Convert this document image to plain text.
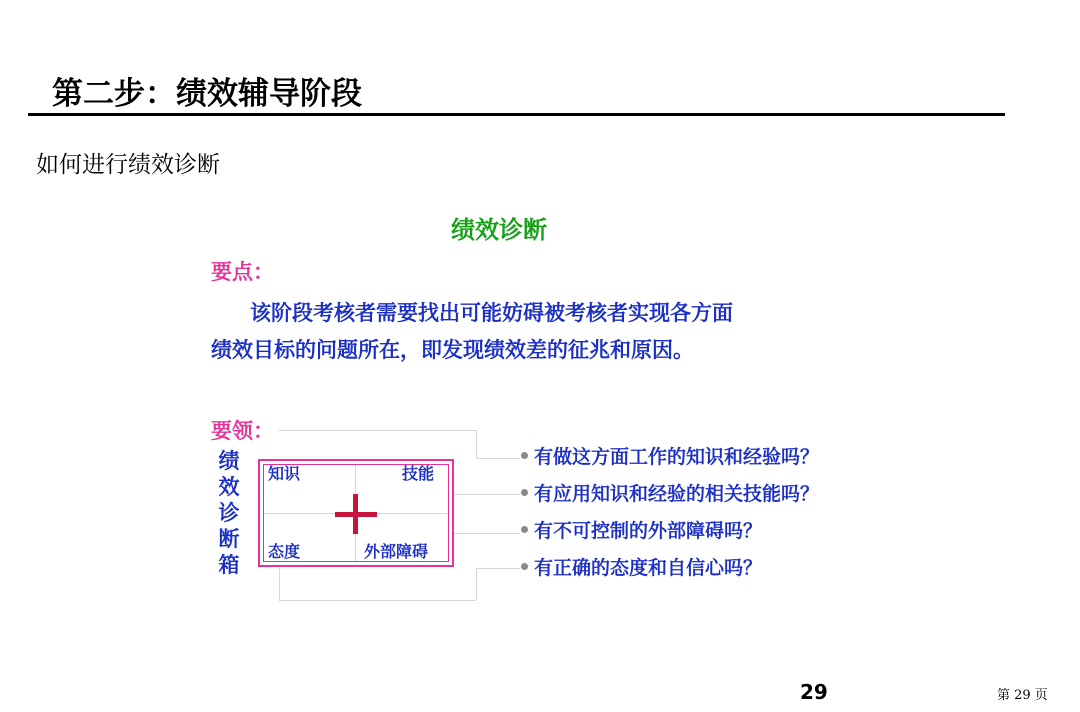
第二步：绩效辅导阶段
如何进行绩效诊断
绩效诊断
要点：
该阶段考核者需要找出可能妨碍被考核者实现各方面
绩效目标的问题所在，即发现绩效差的征兆和原因。
要领：
绩效诊断箱
知识	技能
态度	外部障碍
有做这方面工作的知识和经验吗？
有应用知识和经验的相关技能吗？
有不可控制的外部障碍吗？
有正确的态度和自信心吗？
29	第 29 页
